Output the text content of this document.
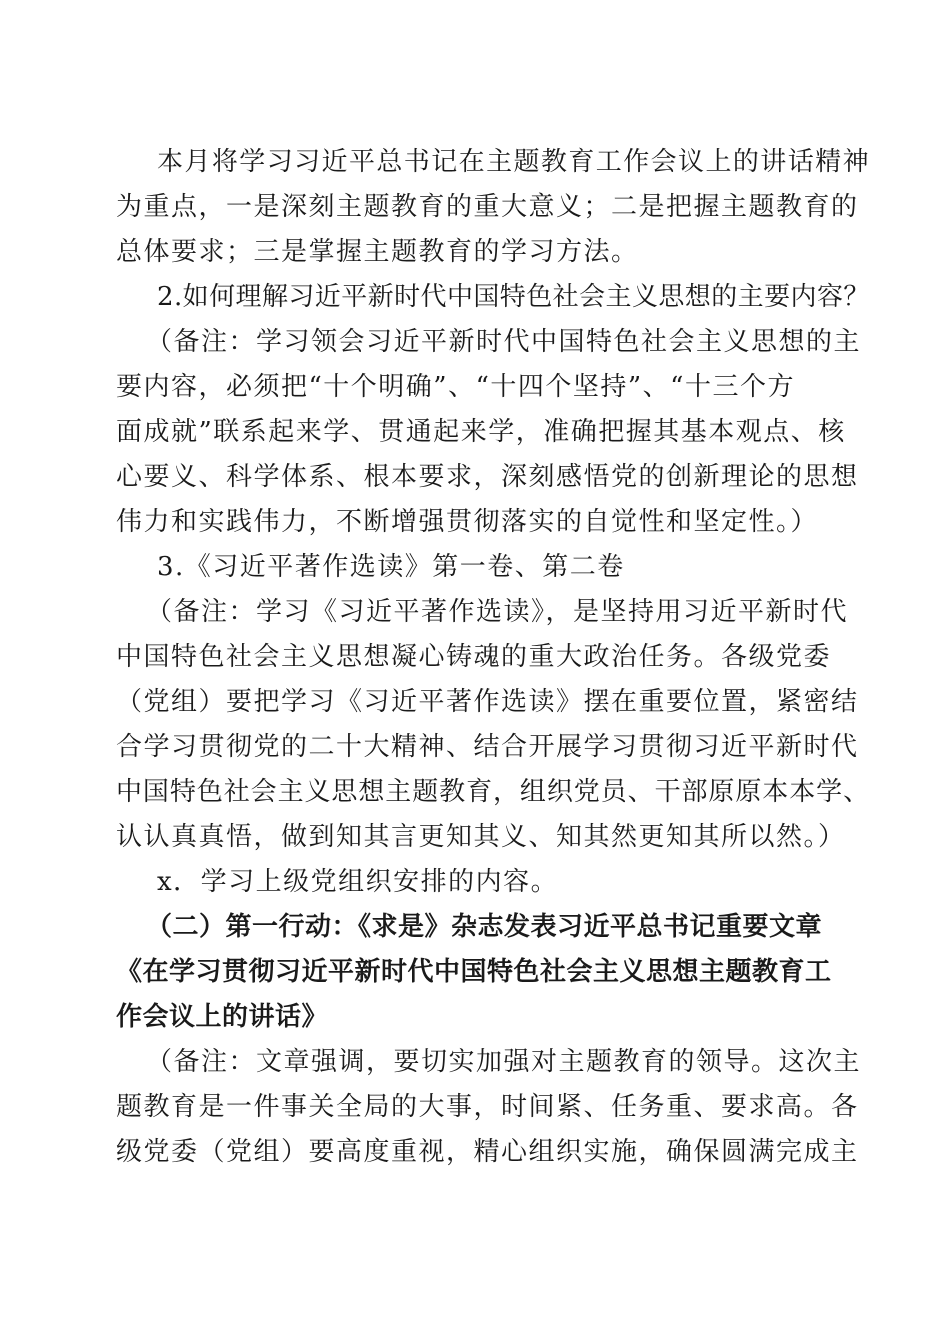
本月将学习习近平总书记在主题教育工作会议上的讲话精神
为重点，一是深刻主题教育的重大意义；二是把握主题教育的
总体要求；三是掌握主题教育的学习方法。
2.如何理解习近平新时代中国特色社会主义思想的主要内容？
（备注：学习领会习近平新时代中国特色社会主义思想的主
要内容，必须把“十个明确”、“十四个坚持”、“十三个方
面成就”联系起来学、贯通起来学，准确把握其基本观点、核
心要义、科学体系、根本要求，深刻感悟党的创新理论的思想
伟力和实践伟力，不断增强贯彻落实的自觉性和坚定性。）
3.《习近平著作选读》第一卷、第二卷
（备注：学习《习近平著作选读》，是坚持用习近平新时代
中国特色社会主义思想凝心铸魂的重大政治任务。各级党委
（党组）要把学习《习近平著作选读》摆在重要位置，紧密结
合学习贯彻党的二十大精神、结合开展学习贯彻习近平新时代
中国特色社会主义思想主题教育，组织党员、干部原原本本学、
认认真真悟，做到知其言更知其义、知其然更知其所以然。）
x．学习上级党组织安排的内容。
（二）第一行动：《求是》杂志发表习近平总书记重要文章
《在学习贯彻习近平新时代中国特色社会主义思想主题教育工
作会议上的讲话》
（备注：文章强调，要切实加强对主题教育的领导。这次主
题教育是一件事关全局的大事，时间紧、任务重、要求高。各
级党委（党组）要高度重视，精心组织实施，确保圆满完成主
